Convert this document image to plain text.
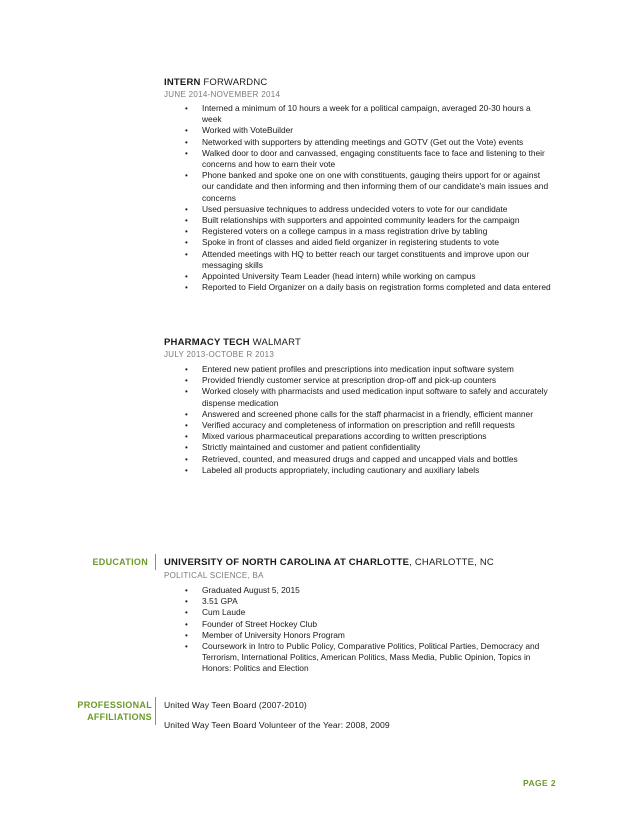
INTERN FORWARDNC
JUNE 2014-NOVEMBER 2014
• Interned a minimum of 10 hours a week for a political campaign, averaged 20-30 hours a week
• Worked with VoteBuilder
• Networked with supporters by attending meetings and GOTV (Get out the Vote) events
• Walked door to door and canvassed, engaging constituents face to face and listening to their concerns and how to earn their vote
• Phone banked and spoke one on one with constituents, gauging theirs upport for or against our candidate and then informing and then informing them of our candidate's main issues and concerns
• Used persuasive techniques to address undecided voters to vote for our candidate
• Built relationships with supporters and appointed community leaders for the campaign
• Registered voters on a college campus in a mass registration drive by tabling
• Spoke in front of classes and aided field organizer in registering students to vote
• Attended meetings with HQ to better reach our target constituents and improve upon our messaging skills
• Appointed University Team Leader (head intern) while working on campus
• Reported to Field Organizer on a daily basis on registration forms completed and data entered
PHARMACY TECH WALMART
JULY 2013-OCTOBE R 2013
• Entered new patient profiles and prescriptions into medication input software system
• Provided friendly customer service at prescription drop-off and pick-up counters
• Worked closely with pharmacists and used medication input software to safely and accurately dispense medication
• Answered and screened phone calls for the staff pharmacist in a friendly, efficient manner
• Verified accuracy and completeness of information on prescription and refill requests
• Mixed various pharmaceutical preparations according to written prescriptions
• Strictly maintained and customer and patient confidentiality
• Retrieved, counted, and measured drugs and capped and uncapped vials and bottles
• Labeled all products appropriately, including cautionary and auxiliary labels
EDUCATION UNIVERSITY OF NORTH CAROLINA AT CHARLOTTE, CHARLOTTE, NC
POLITICAL SCIENCE, BA
• Graduated August 5, 2015
• 3.51 GPA
• Cum Laude
• Founder of Street Hockey Club
• Member of University Honors Program
• Coursework in Intro to Public Policy, Comparative Politics, Political Parties, Democracy and Terrorism, International Politics, American Politics, Mass Media, Public Opinion, Topics in Honors: Politics and Election
PROFESSIONAL
AFFILIATIONS
United Way Teen Board (2007-2010)
United Way Teen Board Volunteer of the Year: 2008, 2009
PAGE 2
